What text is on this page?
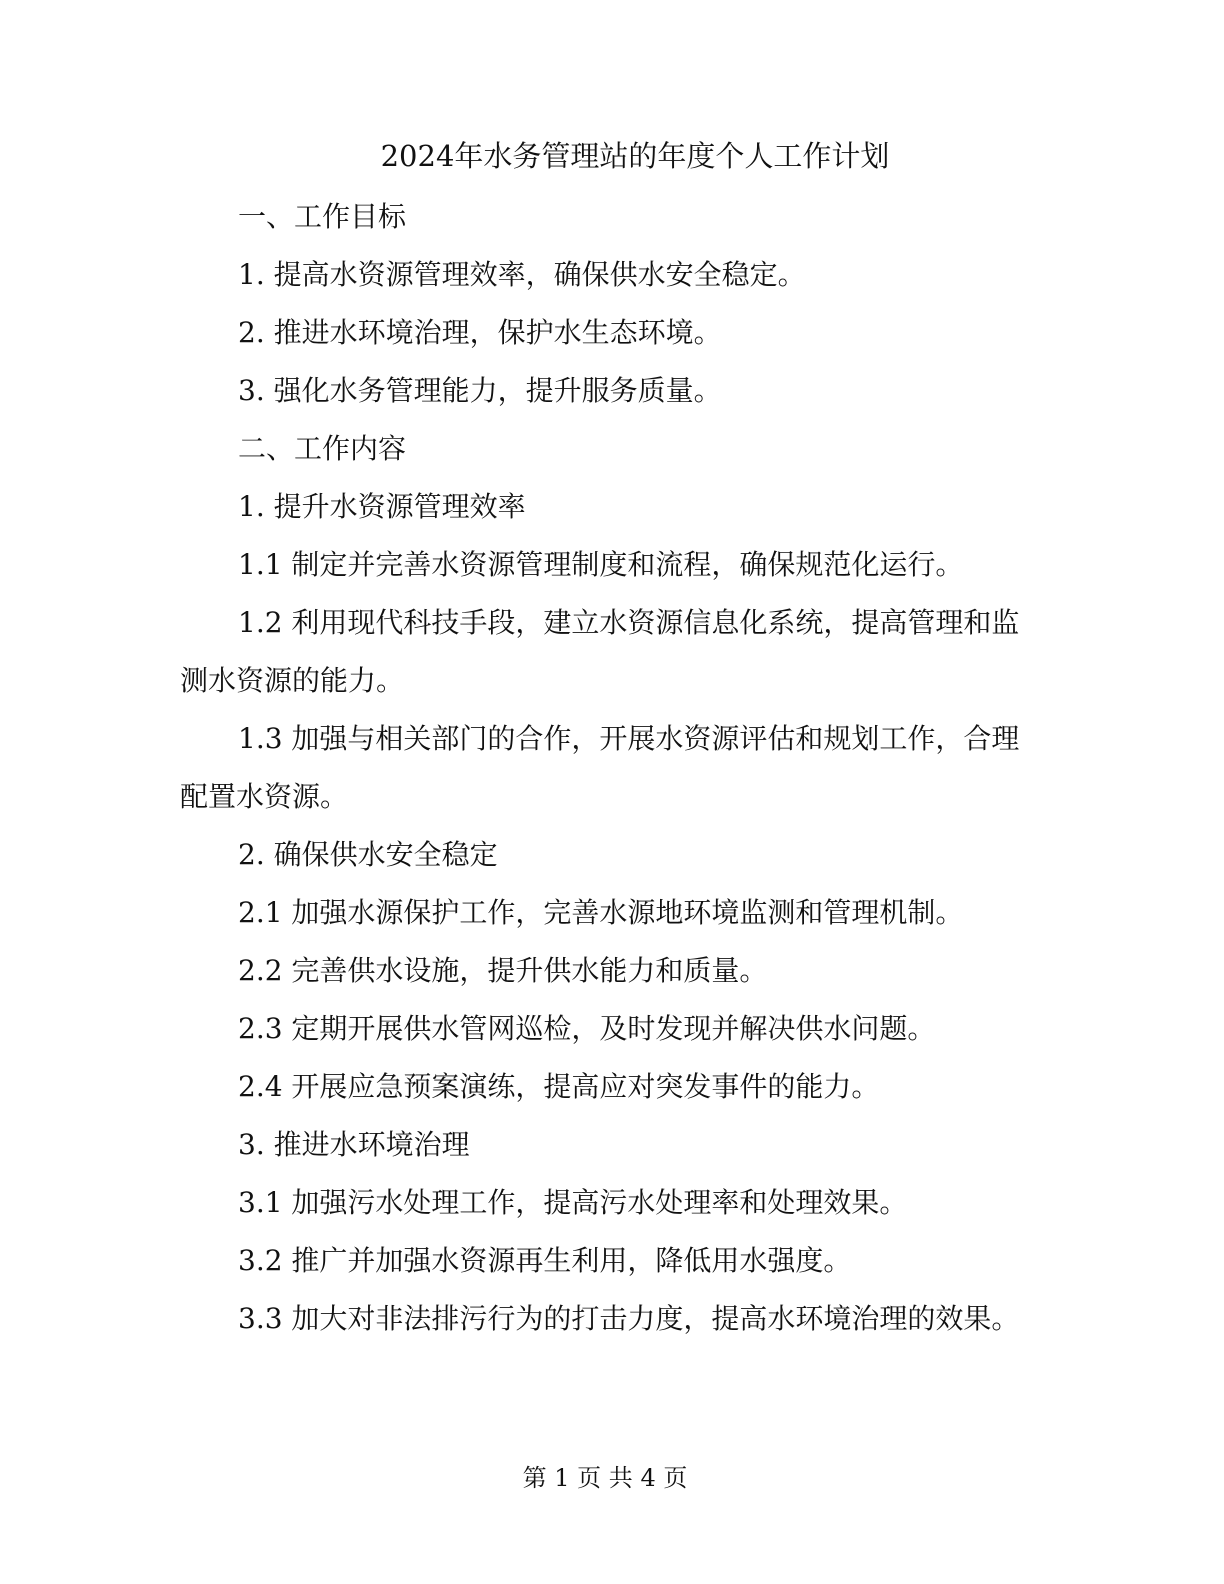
2024年水务管理站的年度个人工作计划

一、工作目标

1. 提高水资源管理效率，确保供水安全稳定。

2. 推进水环境治理，保护水生态环境。

3. 强化水务管理能力，提升服务质量。

二、工作内容

1. 提升水资源管理效率

1.1 制定并完善水资源管理制度和流程，确保规范化运行。

1.2 利用现代科技手段，建立水资源信息化系统，提高管理和监测水资源的能力。

1.3 加强与相关部门的合作，开展水资源评估和规划工作，合理配置水资源。

2. 确保供水安全稳定

2.1 加强水源保护工作，完善水源地环境监测和管理机制。

2.2 完善供水设施，提升供水能力和质量。

2.3 定期开展供水管网巡检，及时发现并解决供水问题。

2.4 开展应急预案演练，提高应对突发事件的能力。

3. 推进水环境治理

3.1 加强污水处理工作，提高污水处理率和处理效果。

3.2 推广并加强水资源再生利用，降低用水强度。

3.3 加大对非法排污行为的打击力度，提高水环境治理的效果。

第 1 页 共 4 页
